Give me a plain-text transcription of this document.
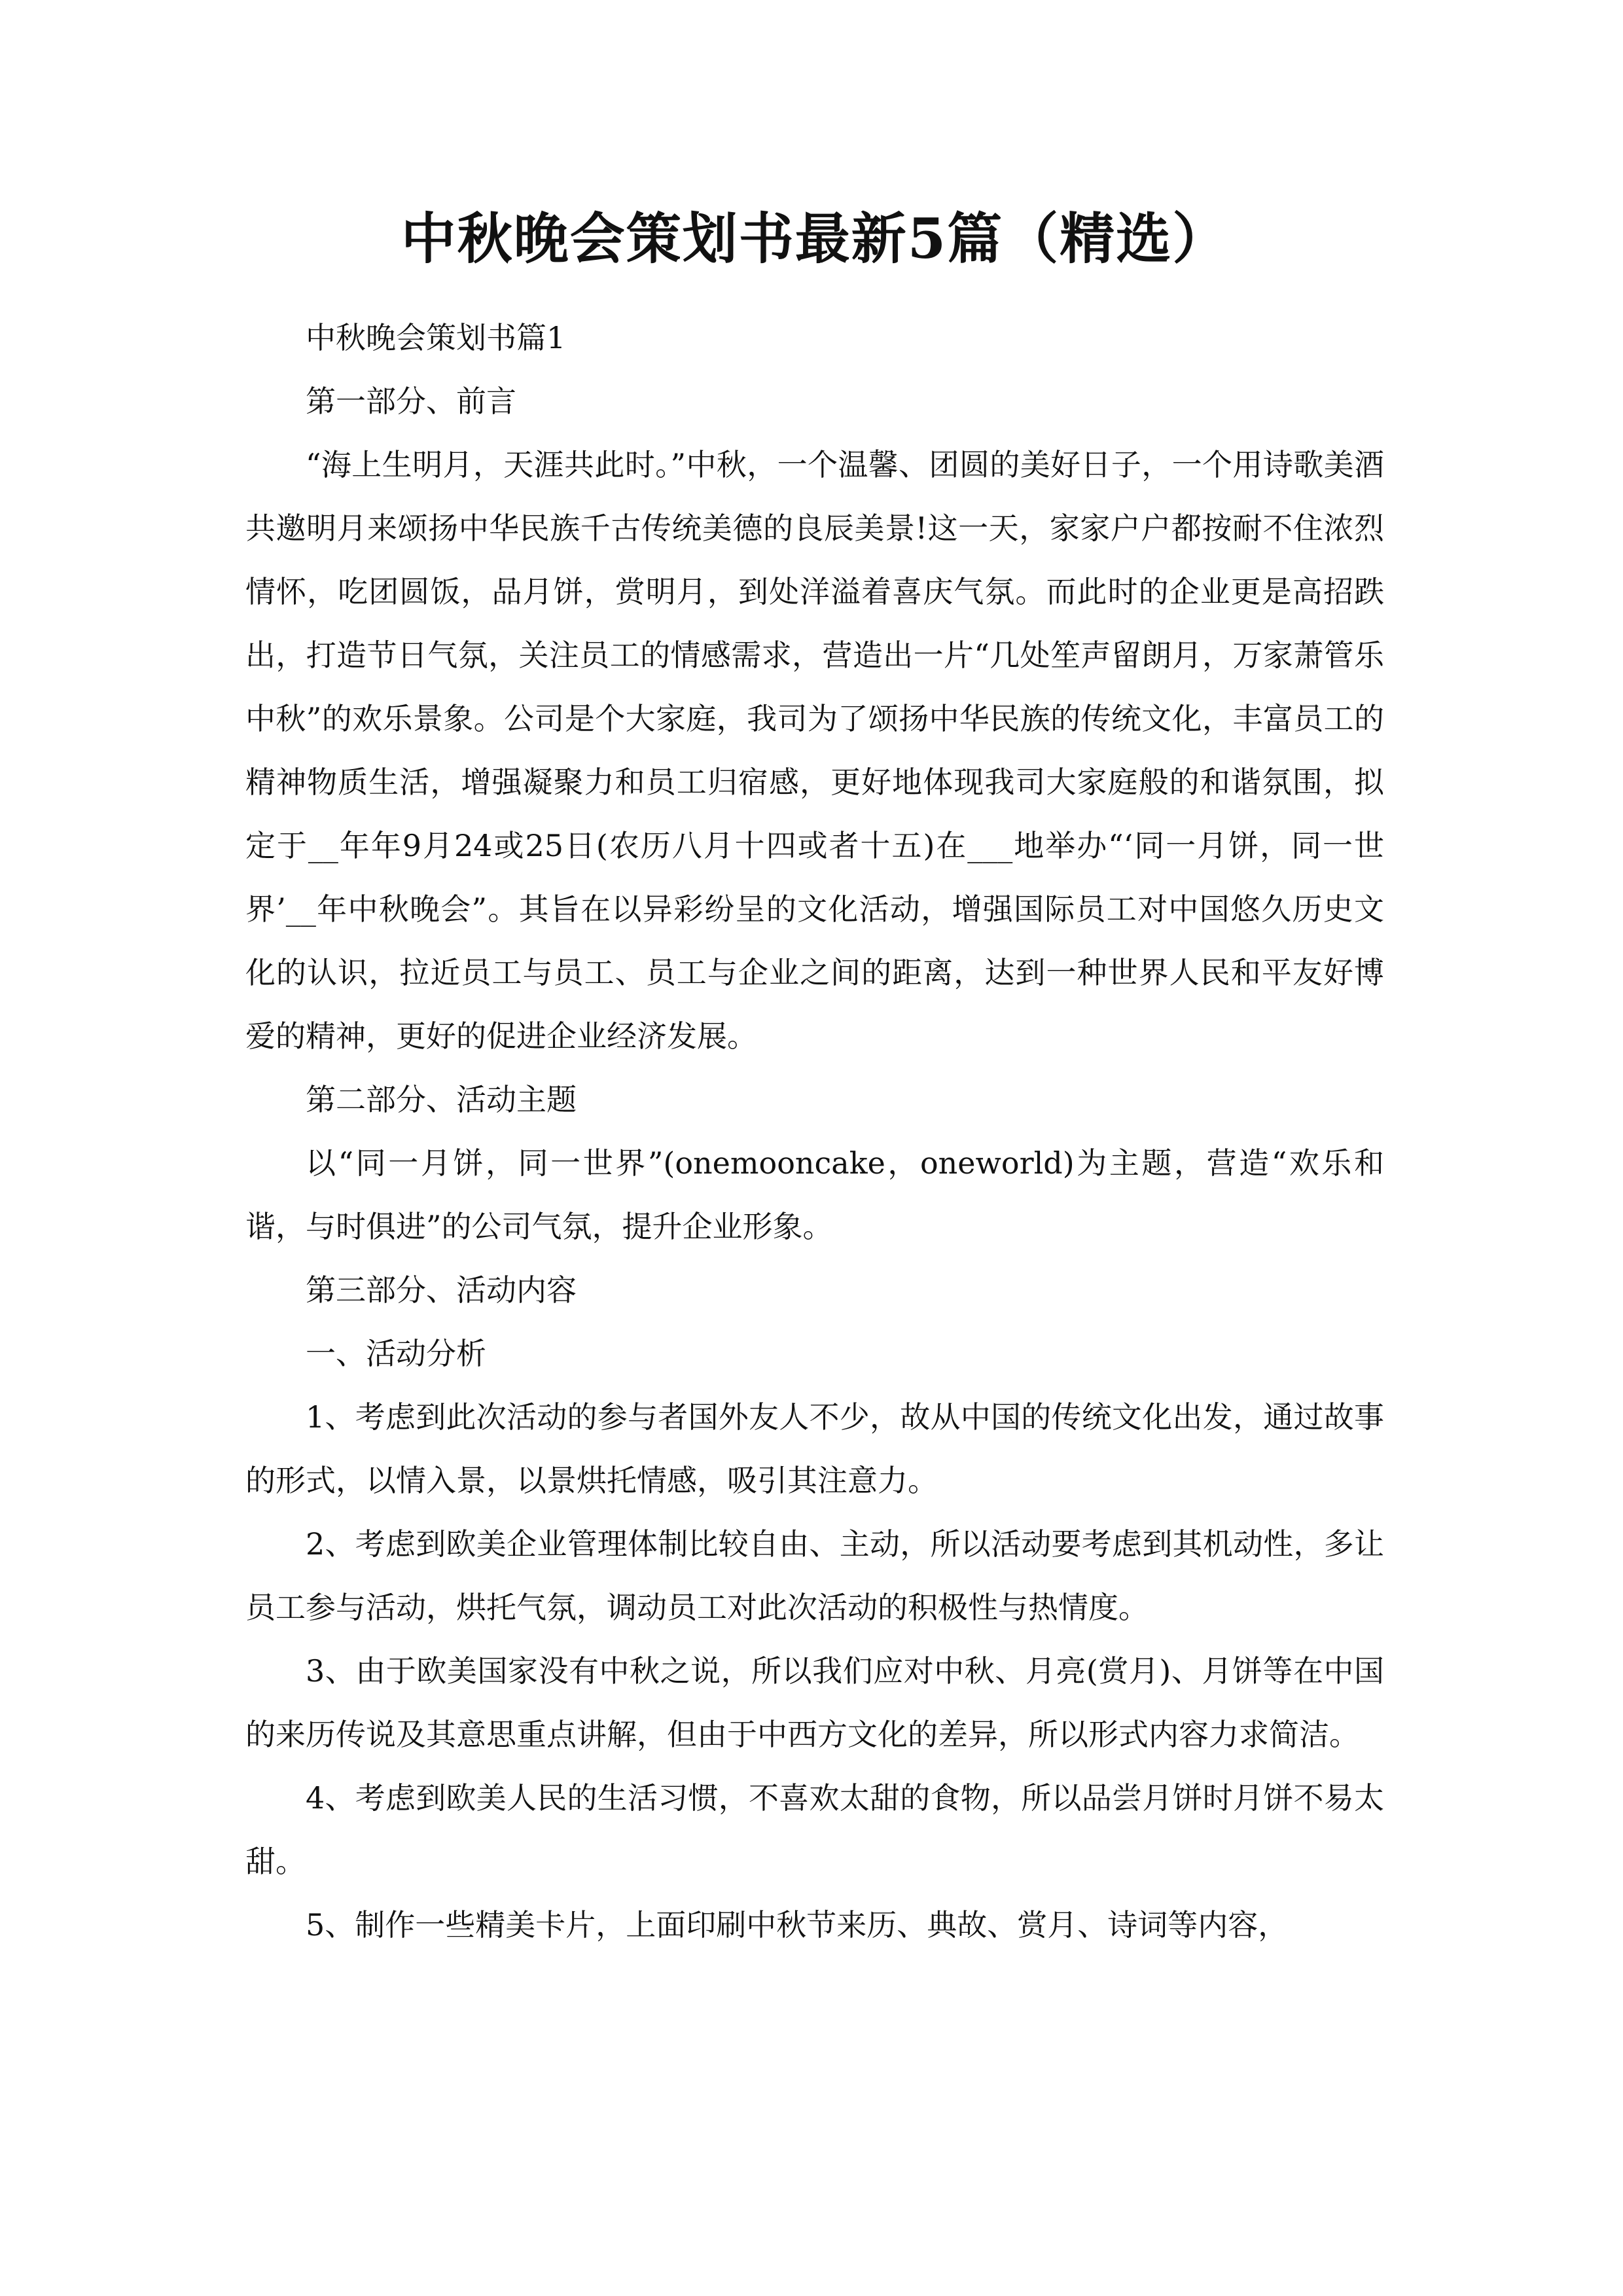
中秋晚会策划书最新5篇（精选）

中秋晚会策划书篇1

第一部分、前言

“海上生明月，天涯共此时。”中秋，一个温馨、团圆的美好日子，一个用诗歌美酒共邀明月来颂扬中华民族千古传统美德的良辰美景!这一天，家家户户都按耐不住浓烈情怀，吃团圆饭，品月饼，赏明月，到处洋溢着喜庆气氛。而此时的企业更是高招跌出，打造节日气氛，关注员工的情感需求，营造出一片“几处笙声留朗月，万家萧管乐中秋”的欢乐景象。公司是个大家庭，我司为了颂扬中华民族的传统文化，丰富员工的精神物质生活，增强凝聚力和员工归宿感，更好地体现我司大家庭般的和谐氛围，拟定于__年年9月24或25日(农历八月十四或者十五)在___地举办“‘同一月饼，同一世界’__年中秋晚会”。其旨在以异彩纷呈的文化活动，增强国际员工对中国悠久历史文化的认识，拉近员工与员工、员工与企业之间的距离，达到一种世界人民和平友好博爱的精神，更好的促进企业经济发展。

第二部分、活动主题

以“同一月饼，同一世界”(onemooncake，oneworld)为主题，营造“欢乐和谐，与时俱进”的公司气氛，提升企业形象。

第三部分、活动内容

一、活动分析

1、考虑到此次活动的参与者国外友人不少，故从中国的传统文化出发，通过故事的形式，以情入景，以景烘托情感，吸引其注意力。

2、考虑到欧美企业管理体制比较自由、主动，所以活动要考虑到其机动性，多让员工参与活动，烘托气氛，调动员工对此次活动的积极性与热情度。

3、由于欧美国家没有中秋之说，所以我们应对中秋、月亮(赏月)、月饼等在中国的来历传说及其意思重点讲解，但由于中西方文化的差异，所以形式内容力求简洁。

4、考虑到欧美人民的生活习惯，不喜欢太甜的食物，所以品尝月饼时月饼不易太甜。

5、制作一些精美卡片，上面印刷中秋节来历、典故、赏月、诗词等内容，
